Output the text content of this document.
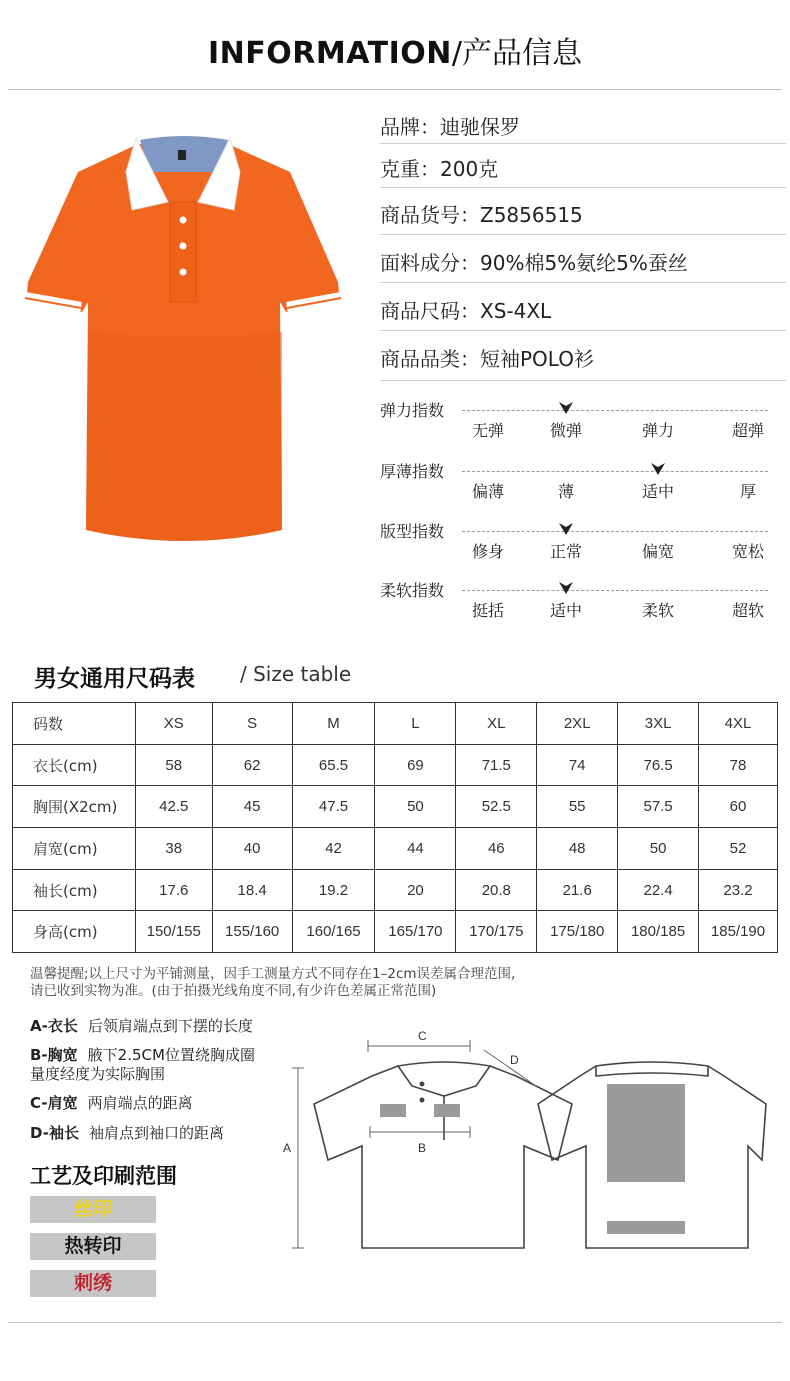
INFORMATION/产品信息
品牌：迪驰保罗
克重：200克
商品货号：Z5856515
面料成分：90%棉5%氨纶5%蚕丝
商品尺码：XS-4XL
商品品类：短袖POLO衫
弹力指数
无弹	微弹	弹力	超弹
厚薄指数
偏薄	薄	适中	厚
版型指数
修身	正常	偏宽	宽松
柔软指数
挺括	适中	柔软	超软
男女通用尺码表 / Size table
码数	XS	S	M	L	XL	2XL	3XL	4XL
衣长(cm)	58	62	65.5	69	71.5	74	76.5	78
胸围(X2cm)	42.5	45	47.5	50	52.5	55	57.5	60
肩宽(cm)	38	40	42	44	46	48	50	52
袖长(cm)	17.6	18.4	19.2	20	20.8	21.6	22.4	23.2
身高(cm)	150/155	155/160	160/165	165/170	170/175	175/180	180/185	185/190
温馨提醒;以上尺寸为平铺测量，因手工测量方式不同存在1–2cm误差属合理范围,
请已收到实物为准。(由于拍摄光线角度不同,有少许色差属正常范围)
A-衣长 后领肩端点到下摆的长度
B-胸宽 腋下2.5CM位置绕胸成圈
量度经度为实际胸围
C-肩宽 两肩端点的距离
D-袖长 袖肩点到袖口的距离
工艺及印刷范围
丝印
热转印
刺绣
A
C
B
D
